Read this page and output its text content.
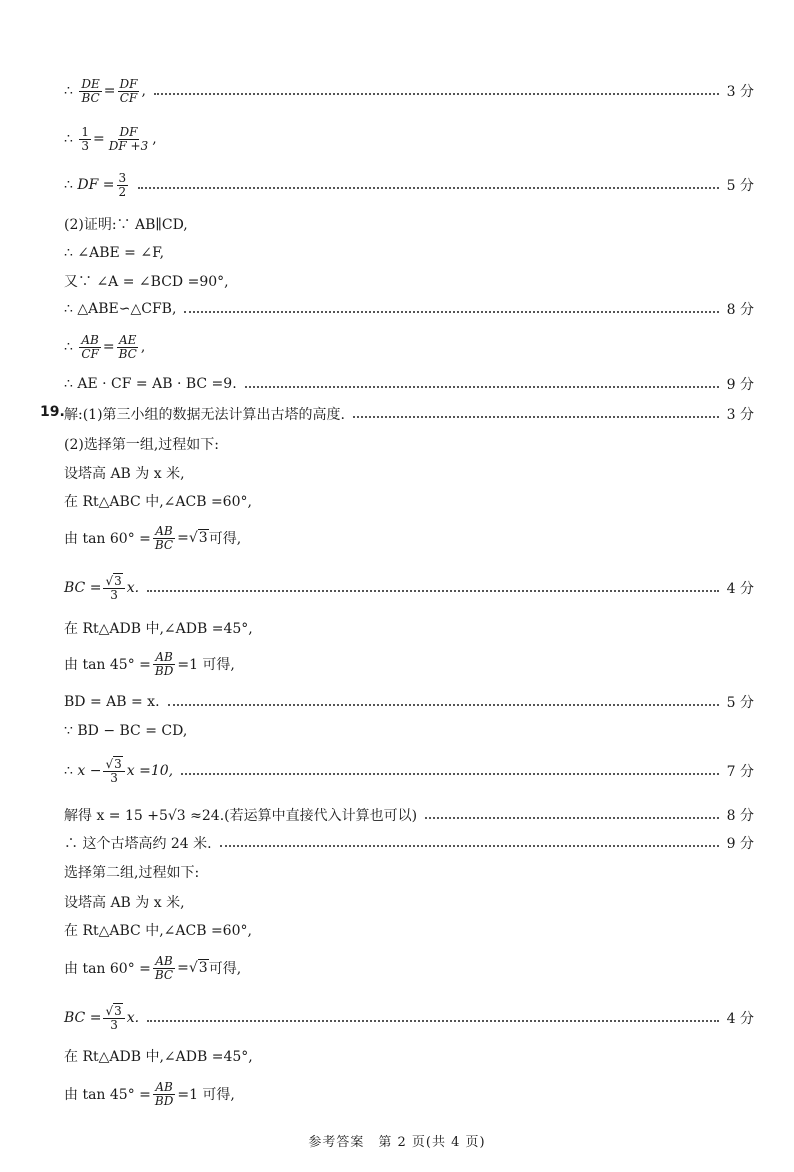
∴
$\frac{DE}{BC} = \frac{DF}{CF}$ ,	3 分
∴
$\frac{1}{3} = \frac{DF}{DF +3}$ ,
∴
DF = $\frac{3}{2}$	5 分
(2)证明:∵ AB∥CD,
∴ ∠ABE = ∠F,
又∵ ∠A = ∠BCD =90°,
∴ △ABE∽△CFB,	8 分
∴
$\frac{AB}{CF} = \frac{AE}{BC}$ ,
∴ AE · CF = AB · BC =9.	9 分
19. 解:(1)第三小组的数据无法计算出古塔的高度.	3 分
(2)选择第一组,过程如下:
设塔高 AB 为 x 米,
在 Rt△ABC 中,∠ACB =60°,
由 $\tan 60^\circ = \frac{AB}{BC} = √3$ 可得,
BC = $\frac{√3}{3} x$.	4 分
在 Rt△ADB 中,∠ADB =45°,
由 $\tan 45^\circ = \frac{AB}{BD} =1$ 可得,
BD = AB = x.	5 分
∵ BD − BC = CD,
∴
$x - \frac{√3}{3}$ x =10,	7 分
解得 x = 15 +5√3 ≈24.(若运算中直接代入计算也可以)	8 分
∴ 这个古塔高约 24 米.	9 分
选择第二组,过程如下:
设塔高 AB 为 x 米,
在 Rt△ABC 中,∠ACB =60°,
由 $\tan 60^\circ = \frac{AB}{BC} = √3$ 可得,
BC = $\frac{√3}{3} x$.	4 分
在 Rt△ADB 中,∠ADB =45°,
由 $\tan 45^\circ = \frac{AB}{BD} =1$ 可得,
参考答案　第 2 页(共 4 页)
